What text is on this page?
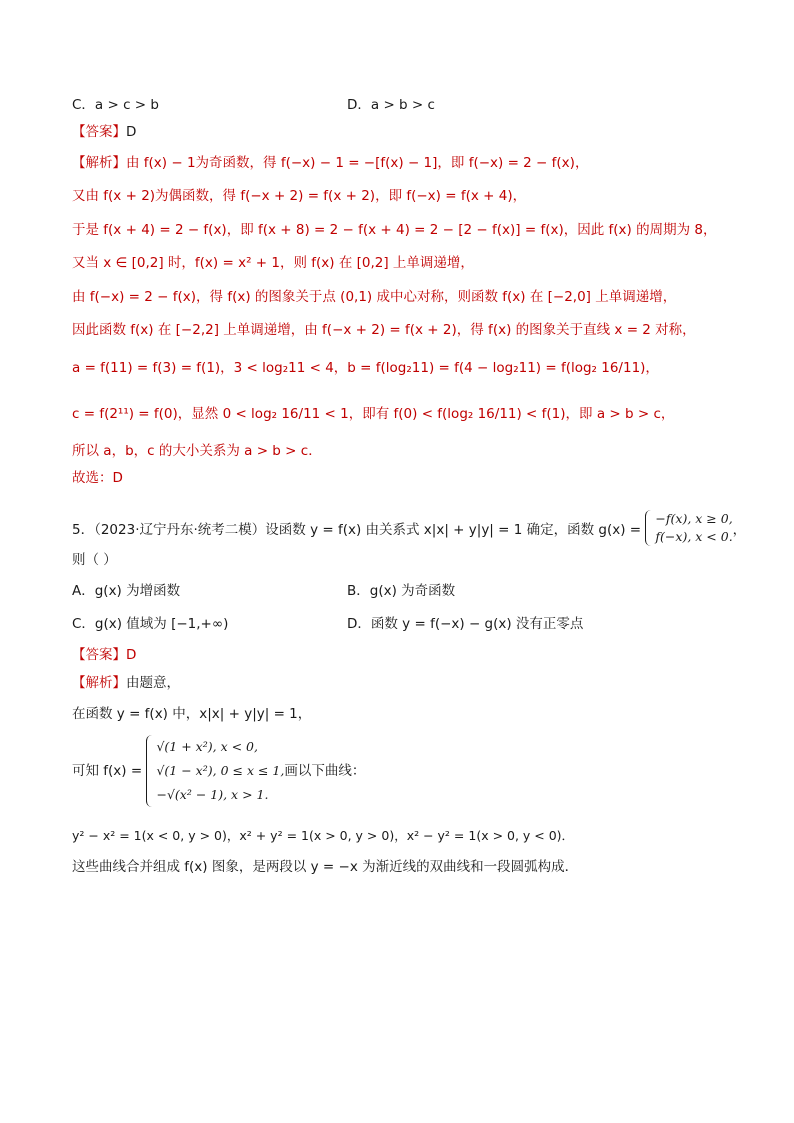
C．a > c > b	D．a > b > c
【答案】D
【解析】由 f(x) − 1为奇函数，得 f(−x) − 1 = −[f(x) − 1]，即 f(−x) = 2 − f(x)，
又由 f(x + 2)为偶函数，得 f(−x + 2) = f(x + 2)，即 f(−x) = f(x + 4)，
于是 f(x + 4) = 2 − f(x)，即 f(x + 8) = 2 − f(x + 4) = 2 − [2 − f(x)] = f(x)，因此 f(x) 的周期为 8，
又当 x ∈ [0,2] 时，f(x) = x² + 1，则 f(x) 在 [0,2] 上单调递增，
由 f(−x) = 2 − f(x)，得 f(x) 的图象关于点 (0,1) 成中心对称，则函数 f(x) 在 [−2,0] 上单调递增，
因此函数 f(x) 在 [−2,2] 上单调递增，由 f(−x + 2) = f(x + 2)，得 f(x) 的图象关于直线 x = 2 对称，
a = f(11) = f(3) = f(1)，3 < log₂11 < 4，b = f(log₂11) = f(4 − log₂11) = f(log₂ 16/11)，
c = f(2¹¹) = f(0)，显然 0 < log₂ 16/11 < 1，即有 f(0) < f(log₂ 16/11) < f(1)，即 a > b > c，
所以 a，b，c 的大小关系为 a > b > c．
故选：D
5．（2023·辽宁丹东·统考二模）设函数 y = f(x) 由关系式 x|x| + y|y| = 1 确定，函数 g(x) =
−f(x), x ≥ 0,
f(−x), x < 0. ，
则（ ）
A．g(x) 为增函数	B．g(x) 为奇函数
C．g(x) 值域为 [−1,+∞)	D．函数 y = f(−x) − g(x) 没有正零点
【答案】D
【解析】由题意，
在函数 y = f(x) 中，x|x| + y|y| = 1，
可知 f(x) =
√(1 + x²), x < 0,
√(1 − x²), 0 ≤ x ≤ 1,
−√(x² − 1), x > 1.
画以下曲线：
y² − x² = 1(x < 0, y > 0)，x² + y² = 1(x > 0, y > 0)，x² − y² = 1(x > 0, y < 0)．
这些曲线合并组成 f(x) 图象，是两段以 y = −x 为渐近线的双曲线和一段圆弧构成．
